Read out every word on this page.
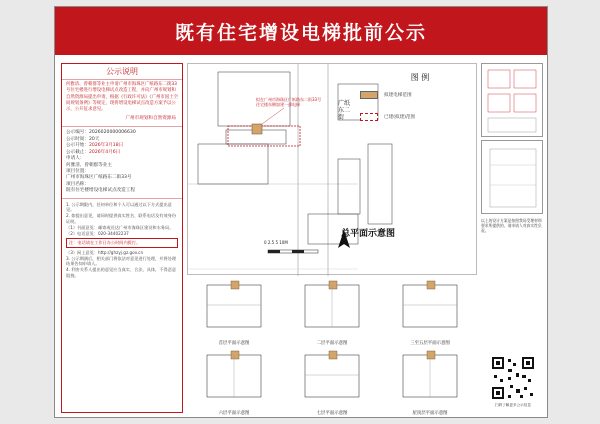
既有住宅增设电梯批前公示
公示说明
何雅清、曾朝群等业主申请广州市海珠区广纸路东二街33号住宅楼进行增设电梯试点改造工程，并向广州市规划和自然资源局提出申请，根据《行政许可法》《广州市国土空间规划条例》等规定，现将增设电梯试点改造方案予以公示，公开征求意见。
广州市规划和自然资源局
公示编号：2026020000006630
公示时间：20天
公示开始：2026年3月18日
公示截止：2026年4月6日
申请人：
何雅清、曾朝群等业主
项目位置：
广州市海珠区广纸路东二街33号
项目名称：
既有住宅楼增设电梯试点改造工程
1. 公示期限内，任何单位和个人可以通过以下方式提出意见。
2. 如提出意见，请同时提供真实姓名、联系电话及有效身份证明。
（1）书面意见：邮寄或送达广州市海珠区建设和水务局。
（2）电话意见：020-34402237
注：电话请在工作日办公时间内拨打。
（3）网上意见：http://ghzyj.gz.gov.cn
3. 公示期满后，相关部门将依法对意见进行处理，并将处理结果告知申请人。
4. 利害关系人提出的意见应当真实、合法、具体，不得恶意阻挠。
拟在广州市海珠区广纸路东二街33号住宅楼东侧加建一部电梯	广纸东二街
0 2.5 5 10M
图 例
拟建电梯范围
已建(拟建)范围
总平面示意图
以上的设计方案是按照我局受理材料要求所提供的，请申请人对真实性负责。
首层平面示意图	二层平面示意图	三至五层平面示意图
六层平面示意图	七层平面示意图	屋顶层平面示意图
扫码了解更多公示信息
